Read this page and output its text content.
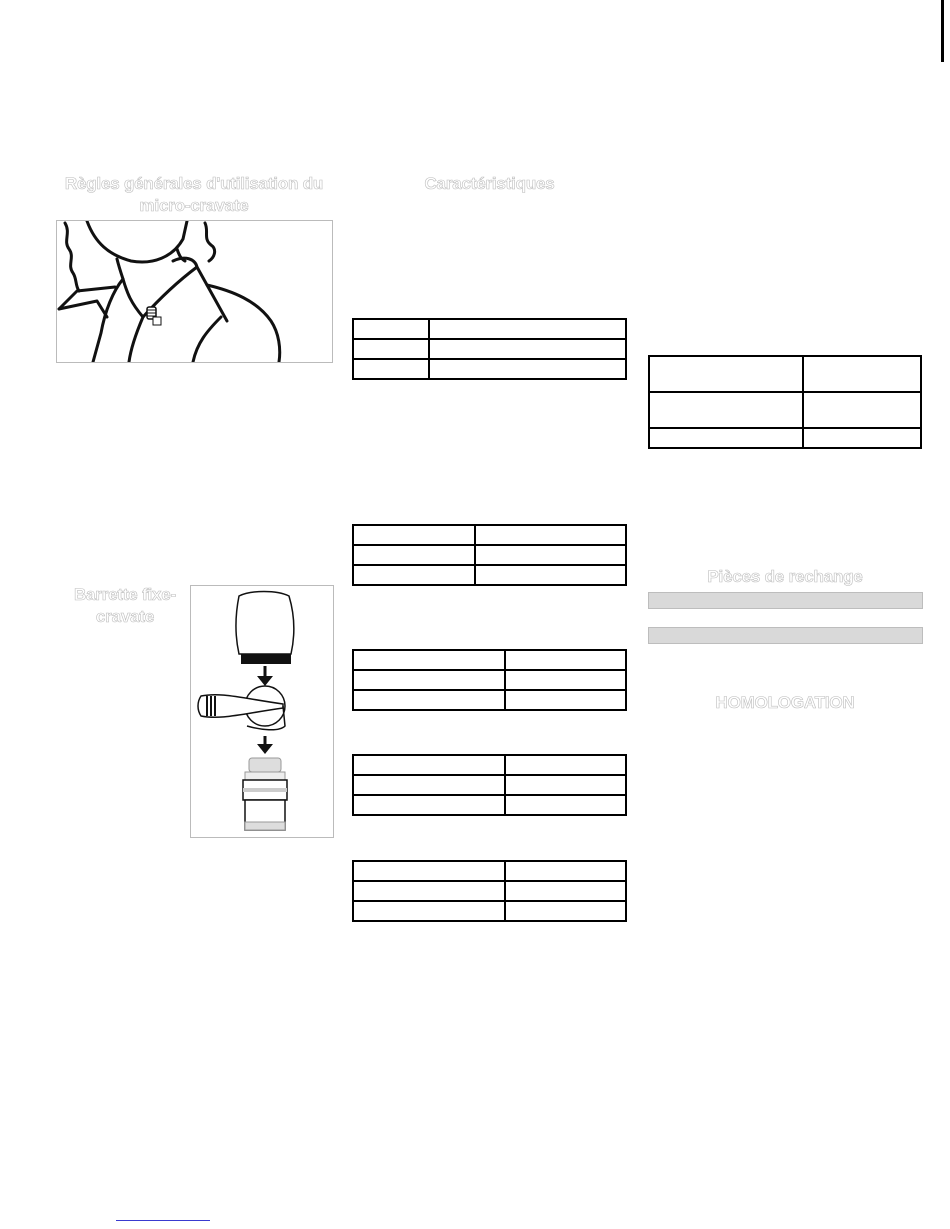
Règles générales d'utilisation du micro-cravate
Barrette fixe-cravate
Caractéristiques

Pièces de rechange
HOMOLOGATION
